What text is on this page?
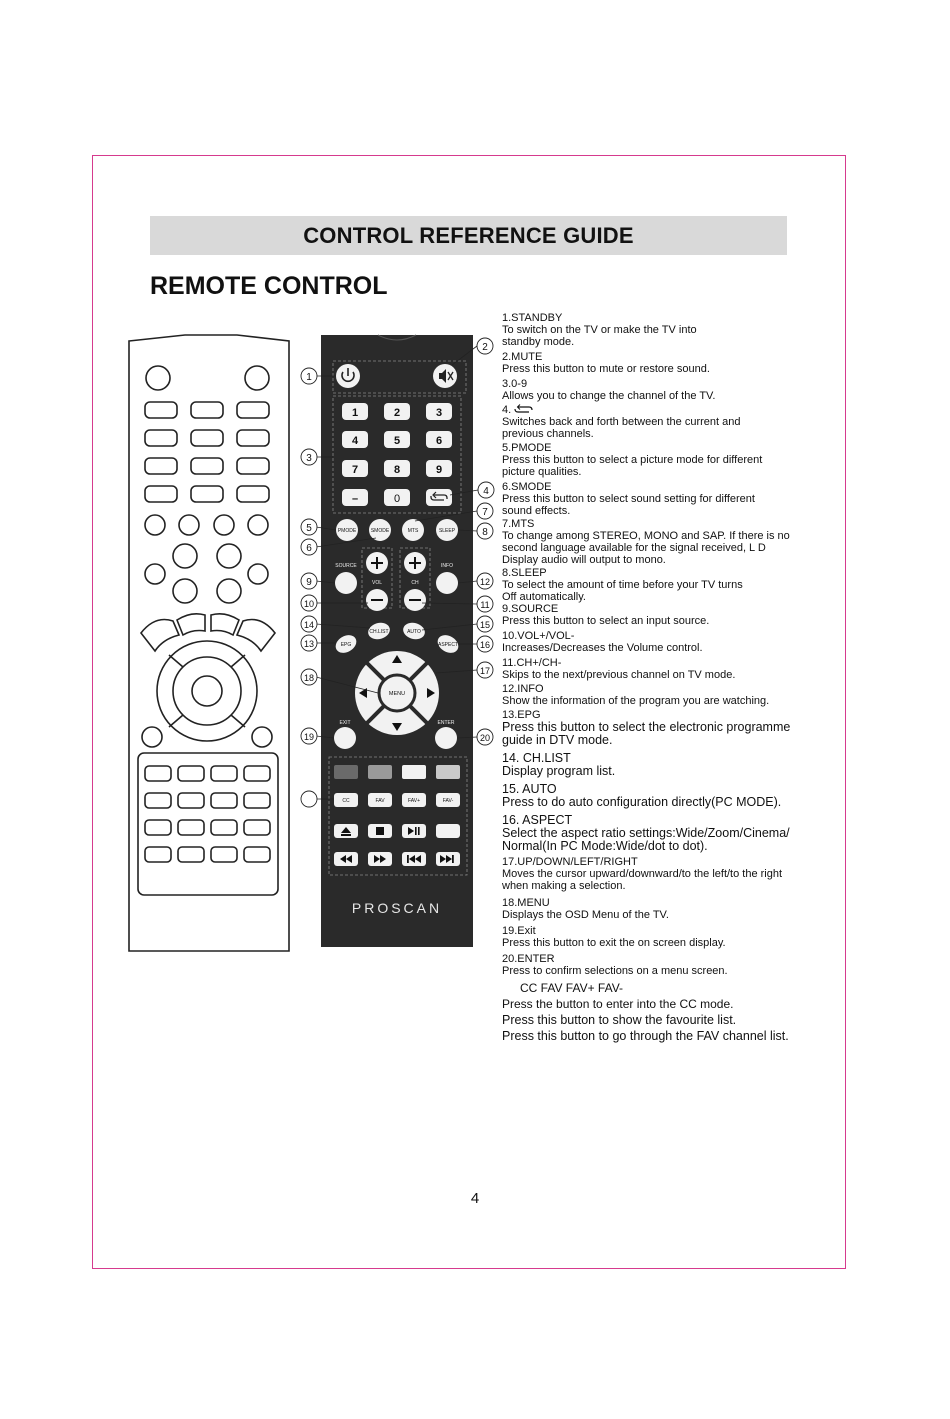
CONTROL REFERENCE GUIDE
REMOTE CONTROL
1	2	3
4	5	6
7	8	9
–	0
PMODE	SMODE	MTS	SLEEP
SOURCE
VOL	CH
INFO
EPG
CH.LIST	AUTO
ASPECT
MENU
EXIT	ENTER
CC	FAV	FAV+	FAV-
PROSCAN
1
2
3
4
5
6
7
8
9
10	11
12
13
14	15
16
17
18
19	20
1.STANDBY
To switch on the TV or make the TV into
standby mode.
2.MUTE
Press this button to mute or restore sound.
3.0-9
Allows you to change the channel of the TV.
4.
Switches back and forth between the current and
previous channels.
5.PMODE
Press this button to select a picture mode for different
picture qualities.
6.SMODE
Press this button to select sound setting for different
sound effects.
7.MTS
To change among STEREO, MONO and SAP. If there is no
second language available for the signal received, L D
Display audio will output to mono.
8.SLEEP
To select the amount of time before your TV turns
Off automatically.
9.SOURCE
Press this button to select an input source.
10.VOL+/VOL-
Increases/Decreases the Volume control.
11.CH+/CH-
Skips to the next/previous channel on TV mode.
12.INFO
Show the information of the program you are watching.
13.EPG
Press this button to select the electronic programme
guide in DTV mode.
14. CH.LIST
Display program list.
15. AUTO
Press to do auto configuration directly(PC MODE).
16. ASPECT
Select the aspect ratio settings:Wide/Zoom/Cinema/
Normal(In PC Mode:Wide/dot to dot).
17.UP/DOWN/LEFT/RIGHT
Moves the cursor upward/downward/to the left/to the right
when making a selection.
18.MENU
Displays the OSD Menu of the TV.
19.Exit
Press this button to exit the on screen display.
20.ENTER
Press to confirm selections on a menu screen.
CC FAV FAV+ FAV-
Press the button to enter into the CC mode.
Press this button to show the favourite list.
Press this button to go through the FAV channel list.
4
